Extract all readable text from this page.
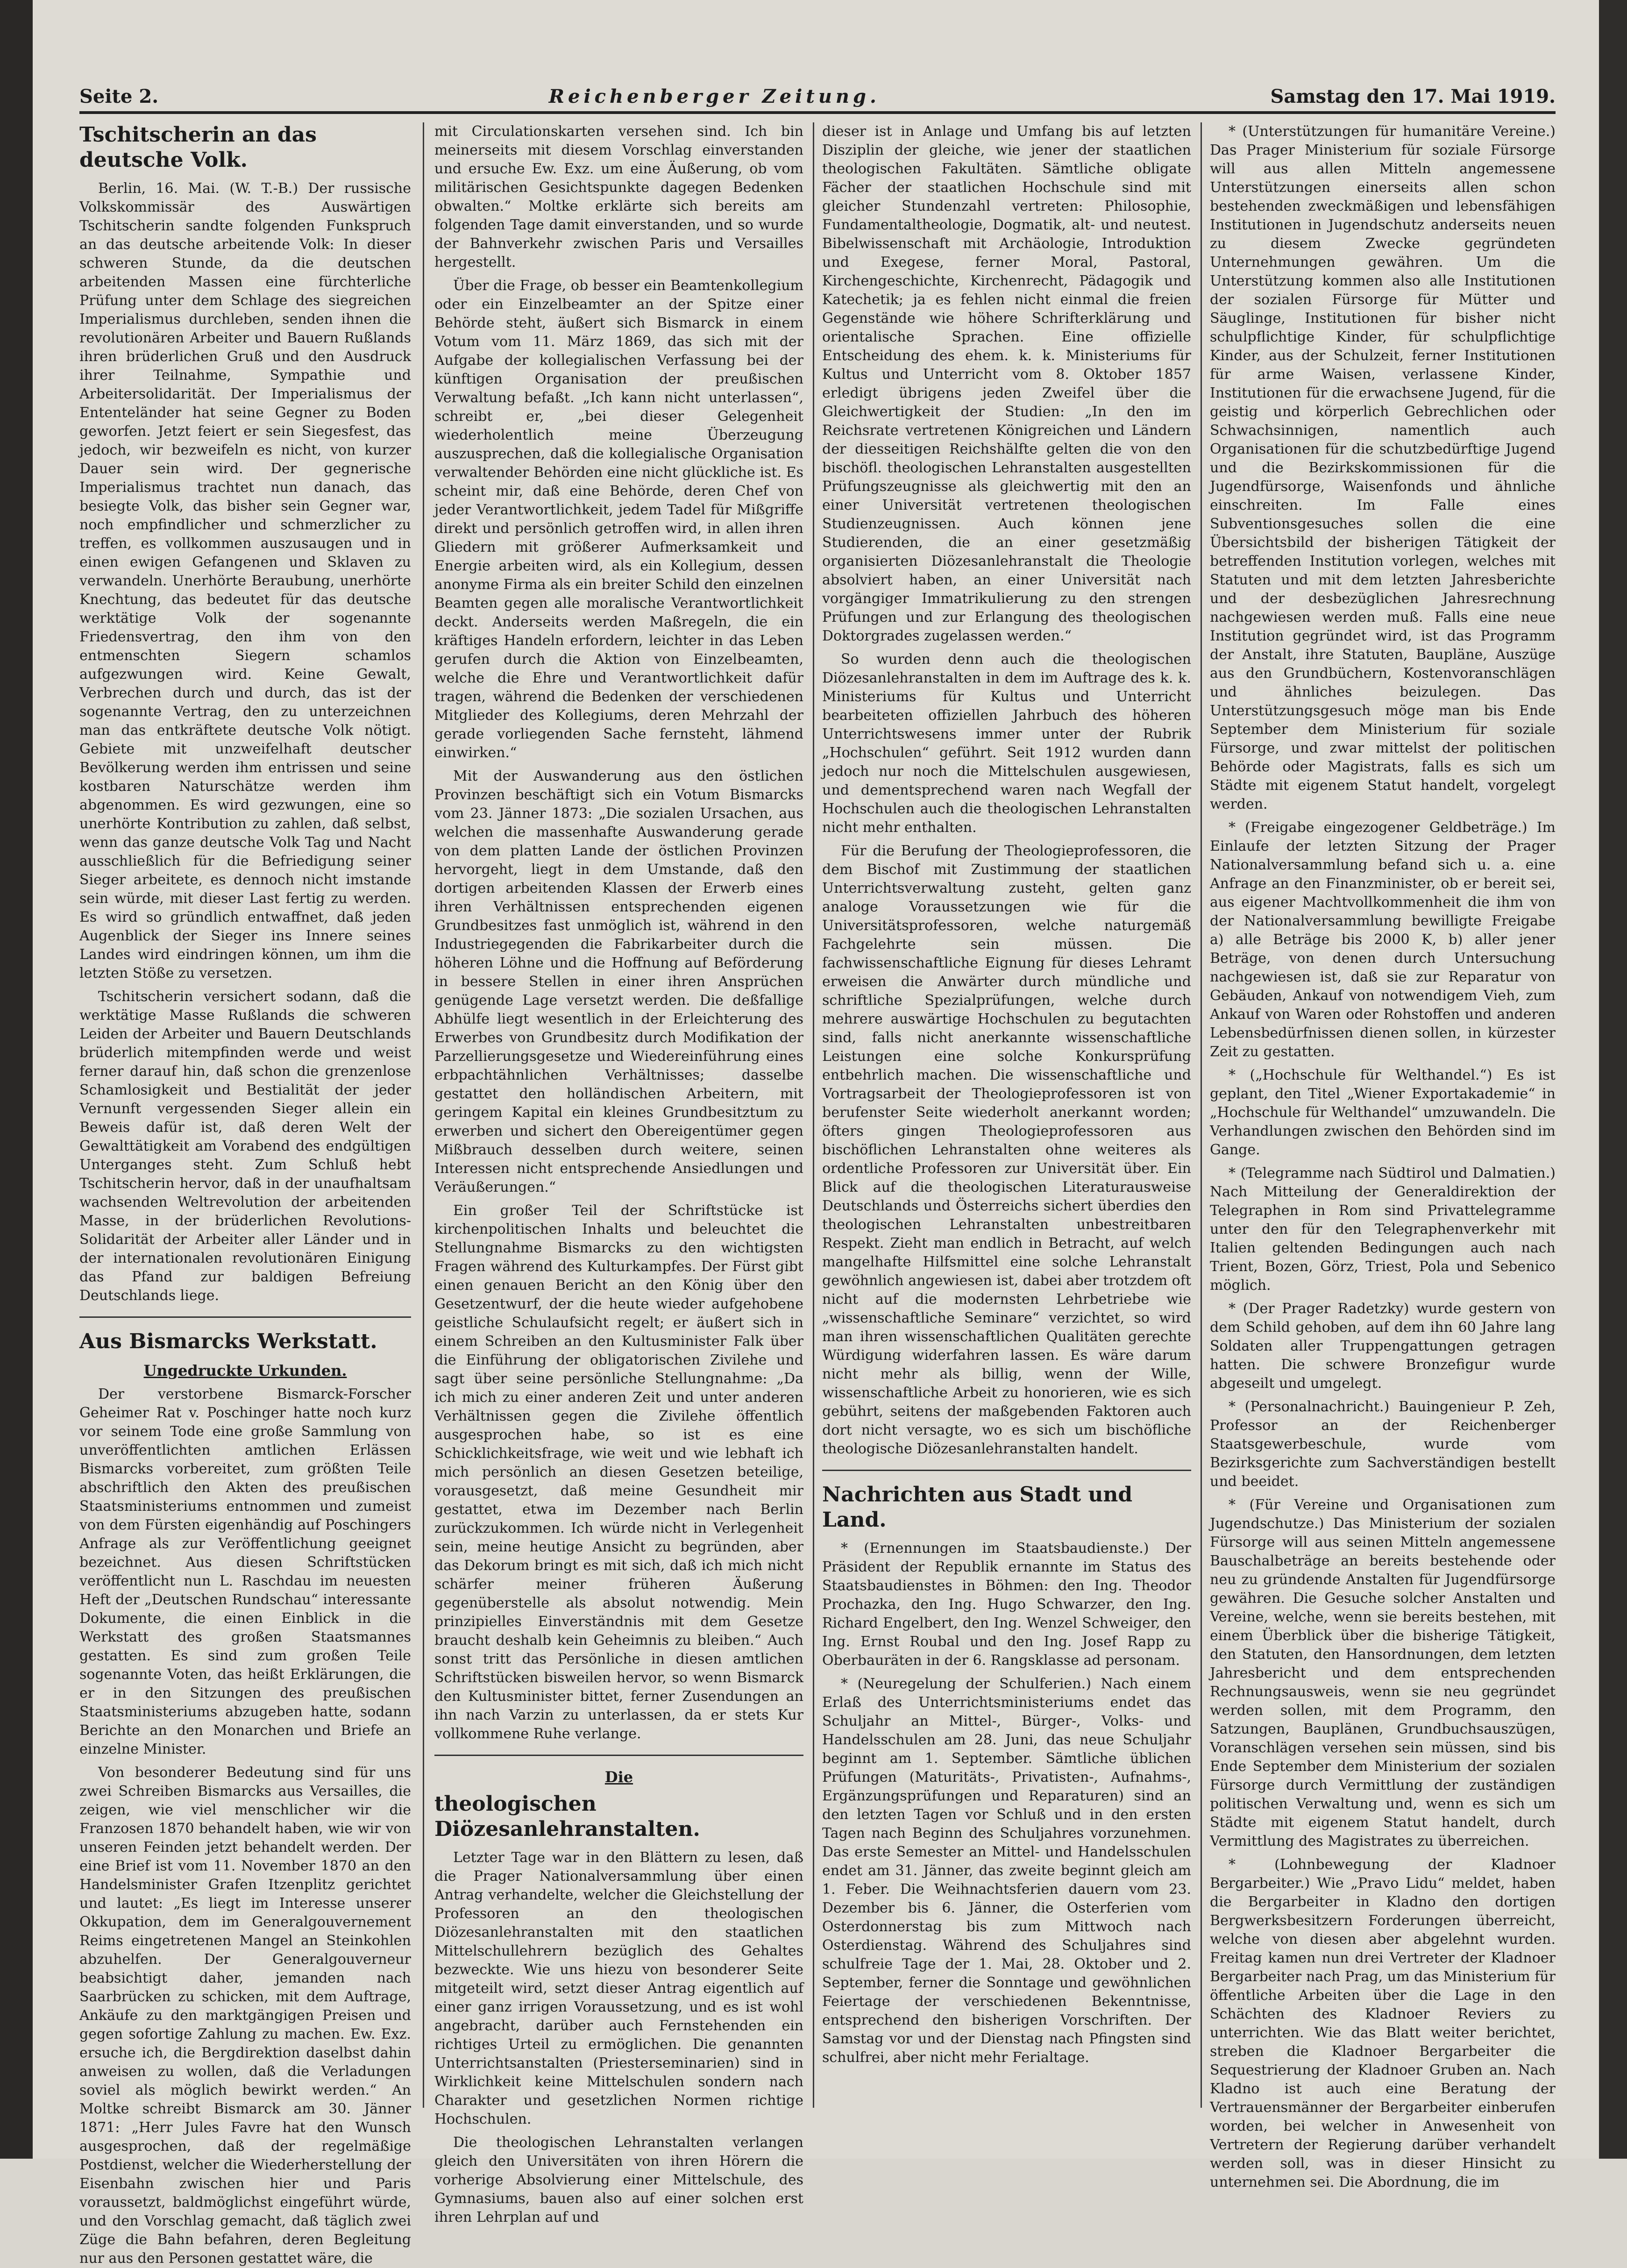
Seite 2.	Reichenberger Zeitung.	Samstag den 17. Mai 1919.
Tschitscherin an das deutsche Volk.

Berlin, 16. Mai. (W. T.-B.) Der russische Volkskommissär des Auswärtigen Tschitscherin sandte folgenden Funkspruch an das deutsche arbeitende Volk: In dieser schweren Stunde, da die deutschen arbeitenden Massen eine fürchterliche Prüfung unter dem Schlage des siegreichen Imperialismus durchleben, senden ihnen die revolutionären Arbeiter und Bauern Rußlands ihren brüderlichen Gruß und den Ausdruck ihrer Teilnahme, Sympathie und Arbeitersolidarität. Der Imperialismus der Ententeländer hat seine Gegner zu Boden geworfen. Jetzt feiert er sein Siegesfest, das jedoch, wir bezweifeln es nicht, von kurzer Dauer sein wird. Der gegnerische Imperialismus trachtet nun danach, das besiegte Volk, das bisher sein Gegner war, noch empfindlicher und schmerzlicher zu treffen, es vollkommen auszusaugen und in einen ewigen Gefangenen und Sklaven zu verwandeln. Unerhörte Beraubung, unerhörte Knechtung, das bedeutet für das deutsche werktätige Volk der sogenannte Friedensvertrag, den ihm von den entmenschten Siegern schamlos aufgezwungen wird. Keine Gewalt, Verbrechen durch und durch, das ist der sogenannte Vertrag, den zu unterzeichnen man das entkräftete deutsche Volk nötigt. Gebiete mit unzweifelhaft deutscher Bevölkerung werden ihm entrissen und seine kostbaren Naturschätze werden ihm abgenommen. Es wird gezwungen, eine so unerhörte Kontribution zu zahlen, daß selbst, wenn das ganze deutsche Volk Tag und Nacht ausschließlich für die Befriedigung seiner Sieger arbeitete, es dennoch nicht imstande sein würde, mit dieser Last fertig zu werden. Es wird so gründlich entwaffnet, daß jeden Augenblick der Sieger ins Innere seines Landes wird eindringen können, um ihm die letzten Stöße zu versetzen.

Tschitscherin versichert sodann, daß die werktätige Masse Rußlands die schweren Leiden der Arbeiter und Bauern Deutschlands brüderlich mitempfinden werde und weist ferner darauf hin, daß schon die grenzenlose Schamlosigkeit und Bestialität der jeder Vernunft vergessenden Sieger allein ein Beweis dafür ist, daß deren Welt der Gewalttätigkeit am Vorabend des endgültigen Unterganges steht. Zum Schluß hebt Tschitscherin hervor, daß in der unaufhaltsam wachsenden Weltrevolution der arbeitenden Masse, in der brüderlichen Revolutions-Solidarität der Arbeiter aller Länder und in der internationalen revolutionären Einigung das Pfand zur baldigen Befreiung Deutschlands liege.

Aus Bismarcks Werkstatt.
Ungedruckte Urkunden.

Der verstorbene Bismarck-Forscher Geheimer Rat v. Poschinger hatte noch kurz vor seinem Tode eine große Sammlung von unveröffentlichten amtlichen Erlässen Bismarcks vorbereitet, zum größten Teile abschriftlich den Akten des preußischen Staatsministeriums entnommen und zumeist von dem Fürsten eigenhändig auf Poschingers Anfrage als zur Veröffentlichung geeignet bezeichnet. Aus diesen Schriftstücken veröffentlicht nun L. Raschdau im neuesten Heft der „Deutschen Rundschau“ interessante Dokumente, die einen Einblick in die Werkstatt des großen Staatsmannes gestatten. Es sind zum großen Teile sogenannte Voten, das heißt Erklärungen, die er in den Sitzungen des preußischen Staatsministeriums abzugeben hatte, sodann Berichte an den Monarchen und Briefe an einzelne Minister.

Von besonderer Bedeutung sind für uns zwei Schreiben Bismarcks aus Versailles, die zeigen, wie viel menschlicher wir die Franzosen 1870 behandelt haben, wie wir von unseren Feinden jetzt behandelt werden. Der eine Brief ist vom 11. November 1870 an den Handelsminister Grafen Itzenplitz gerichtet und lautet: „Es liegt im Interesse unserer Okkupation, dem im Generalgouvernement Reims eingetretenen Mangel an Steinkohlen abzuhelfen. Der Generalgouverneur beabsichtigt daher, jemanden nach Saarbrücken zu schicken, mit dem Auftrage, Ankäufe zu den marktgängigen Preisen und gegen sofortige Zahlung zu machen. Ew. Exz. ersuche ich, die Bergdirektion daselbst dahin anweisen zu wollen, daß die Verladungen soviel als möglich bewirkt werden.“ An Moltke schreibt Bismarck am 30. Jänner 1871: „Herr Jules Favre hat den Wunsch ausgesprochen, daß der regelmäßige Postdienst, welcher die Wiederherstellung der Eisenbahn zwischen hier und Paris voraussetzt, baldmöglichst eingeführt würde, und den Vorschlag gemacht, daß täglich zwei Züge die Bahn befahren, deren Begleitung nur aus den Personen gestattet wäre, die

mit Circulationskarten versehen sind. Ich bin meinerseits mit diesem Vorschlag einverstanden und ersuche Ew. Exz. um eine Äußerung, ob vom militärischen Gesichtspunkte dagegen Bedenken obwalten.“ Moltke erklärte sich bereits am folgenden Tage damit einverstanden, und so wurde der Bahnverkehr zwischen Paris und Versailles hergestellt.

Über die Frage, ob besser ein Beamtenkollegium oder ein Einzelbeamter an der Spitze einer Behörde steht, äußert sich Bismarck in einem Votum vom 11. März 1869, das sich mit der Aufgabe der kollegialischen Verfassung bei der künftigen Organisation der preußischen Verwaltung befaßt. „Ich kann nicht unterlassen“, schreibt er, „bei dieser Gelegenheit wiederholentlich meine Überzeugung auszusprechen, daß die kollegialische Organisation verwaltender Behörden eine nicht glückliche ist. Es scheint mir, daß eine Behörde, deren Chef von jeder Verantwortlichkeit, jedem Tadel für Mißgriffe direkt und persönlich getroffen wird, in allen ihren Gliedern mit größerer Aufmerksamkeit und Energie arbeiten wird, als ein Kollegium, dessen anonyme Firma als ein breiter Schild den einzelnen Beamten gegen alle moralische Verantwortlichkeit deckt. Anderseits werden Maßregeln, die ein kräftiges Handeln erfordern, leichter in das Leben gerufen durch die Aktion von Einzelbeamten, welche die Ehre und Verantwortlichkeit dafür tragen, während die Bedenken der verschiedenen Mitglieder des Kollegiums, deren Mehrzahl der gerade vorliegenden Sache fernsteht, lähmend einwirken.“

Mit der Auswanderung aus den östlichen Provinzen beschäftigt sich ein Votum Bismarcks vom 23. Jänner 1873: „Die sozialen Ursachen, aus welchen die massenhafte Auswanderung gerade von dem platten Lande der östlichen Provinzen hervorgeht, liegt in dem Umstande, daß den dortigen arbeitenden Klassen der Erwerb eines ihren Verhältnissen entsprechenden eigenen Grundbesitzes fast unmöglich ist, während in den Industriegegenden die Fabrikarbeiter durch die höheren Löhne und die Hoffnung auf Beförderung in bessere Stellen in einer ihren Ansprüchen genügende Lage versetzt werden. Die deßfallige Abhülfe liegt wesentlich in der Erleichterung des Erwerbes von Grundbesitz durch Modifikation der Parzellierungsgesetze und Wiedereinführung eines erbpachtähnlichen Verhältnisses; dasselbe gestattet den holländischen Arbeitern, mit geringem Kapital ein kleines Grundbesitztum zu erwerben und sichert den Obereigentümer gegen Mißbrauch desselben durch weitere, seinen Interessen nicht entsprechende Ansiedlungen und Veräußerungen.“

Ein großer Teil der Schriftstücke ist kirchenpolitischen Inhalts und beleuchtet die Stellungnahme Bismarcks zu den wichtigsten Fragen während des Kulturkampfes. Der Fürst gibt einen genauen Bericht an den König über den Gesetzentwurf, der die heute wieder aufgehobene geistliche Schulaufsicht regelt; er äußert sich in einem Schreiben an den Kultusminister Falk über die Einführung der obligatorischen Zivilehe und sagt über seine persönliche Stellungnahme: „Da ich mich zu einer anderen Zeit und unter anderen Verhältnissen gegen die Zivilehe öffentlich ausgesprochen habe, so ist es eine Schicklichkeitsfrage, wie weit und wie lebhaft ich mich persönlich an diesen Gesetzen beteilige, vorausgesetzt, daß meine Gesundheit mir gestattet, etwa im Dezember nach Berlin zurückzukommen. Ich würde nicht in Verlegenheit sein, meine heutige Ansicht zu begründen, aber das Dekorum bringt es mit sich, daß ich mich nicht schärfer meiner früheren Äußerung gegenüberstelle als absolut notwendig. Mein prinzipielles Einverständnis mit dem Gesetze braucht deshalb kein Geheimnis zu bleiben.“ Auch sonst tritt das Persönliche in diesen amtlichen Schriftstücken bisweilen hervor, so wenn Bismarck den Kultusminister bittet, ferner Zusendungen an ihn nach Varzin zu unterlassen, da er stets Kur vollkommene Ruhe verlange.

Die
theologischen Diözesanlehranstalten.

Letzter Tage war in den Blättern zu lesen, daß die Prager Nationalversammlung über einen Antrag verhandelte, welcher die Gleichstellung der Professoren an den theologischen Diözesanlehranstalten mit den staatlichen Mittelschullehrern bezüglich des Gehaltes bezweckte. Wie uns hiezu von besonderer Seite mitgeteilt wird, setzt dieser Antrag eigentlich auf einer ganz irrigen Voraussetzung, und es ist wohl angebracht, darüber auch Fernstehenden ein richtiges Urteil zu ermöglichen. Die genannten Unterrichtsanstalten (Priesterseminarien) sind in Wirklichkeit keine Mittelschulen sondern nach Charakter und gesetzlichen Normen richtige Hochschulen.

Die theologischen Lehranstalten verlangen gleich den Universitäten von ihren Hörern die vorherige Absolvierung einer Mittelschule, des Gymnasiums, bauen also auf einer solchen erst ihren Lehrplan auf und

dieser ist in Anlage und Umfang bis auf letzten Disziplin der gleiche, wie jener der staatlichen theologischen Fakultäten. Sämtliche obligate Fächer der staatlichen Hochschule sind mit gleicher Stundenzahl vertreten: Philosophie, Fundamentaltheologie, Dogmatik, alt- und neutest. Bibelwissenschaft mit Archäologie, Introduktion und Exegese, ferner Moral, Pastoral, Kirchengeschichte, Kirchenrecht, Pädagogik und Katechetik; ja es fehlen nicht einmal die freien Gegenstände wie höhere Schrifterklärung und orientalische Sprachen. Eine offizielle Entscheidung des ehem. k. k. Ministeriums für Kultus und Unterricht vom 8. Oktober 1857 erledigt übrigens jeden Zweifel über die Gleichwertigkeit der Studien: „In den im Reichsrate vertretenen Königreichen und Ländern der diesseitigen Reichshälfte gelten die von den bischöfl. theologischen Lehranstalten ausgestellten Prüfungszeugnisse als gleichwertig mit den an einer Universität vertretenen theologischen Studienzeugnissen. Auch können jene Studierenden, die an einer gesetzmäßig organisierten Diözesanlehranstalt die Theologie absolviert haben, an einer Universität nach vorgängiger Immatrikulierung zu den strengen Prüfungen und zur Erlangung des theologischen Doktorgrades zugelassen werden.“

So wurden denn auch die theologischen Diözesanlehranstalten in dem im Auftrage des k. k. Ministeriums für Kultus und Unterricht bearbeiteten offiziellen Jahrbuch des höheren Unterrichtswesens immer unter der Rubrik „Hochschulen“ geführt. Seit 1912 wurden dann jedoch nur noch die Mittelschulen ausgewiesen, und dementsprechend waren nach Wegfall der Hochschulen auch die theologischen Lehranstalten nicht mehr enthalten.

Für die Berufung der Theologieprofessoren, die dem Bischof mit Zustimmung der staatlichen Unterrichtsverwaltung zusteht, gelten ganz analoge Voraussetzungen wie für die Universitätsprofessoren, welche naturgemäß Fachgelehrte sein müssen. Die fachwissenschaftliche Eignung für dieses Lehramt erweisen die Anwärter durch mündliche und schriftliche Spezialprüfungen, welche durch mehrere auswärtige Hochschulen zu begutachten sind, falls nicht anerkannte wissenschaftliche Leistungen eine solche Konkursprüfung entbehrlich machen. Die wissenschaftliche und Vortragsarbeit der Theologieprofessoren ist von berufenster Seite wiederholt anerkannt worden; öfters gingen Theologieprofessoren aus bischöflichen Lehranstalten ohne weiteres als ordentliche Professoren zur Universität über. Ein Blick auf die theologischen Literaturausweise Deutschlands und Österreichs sichert überdies den theologischen Lehranstalten unbestreitbaren Respekt. Zieht man endlich in Betracht, auf welch mangelhafte Hilfsmittel eine solche Lehranstalt gewöhnlich angewiesen ist, dabei aber trotzdem oft nicht auf die modernsten Lehrbetriebe wie „wissenschaftliche Seminare“ verzichtet, so wird man ihren wissenschaftlichen Qualitäten gerechte Würdigung widerfahren lassen. Es wäre darum nicht mehr als billig, wenn der Wille, wissenschaftliche Arbeit zu honorieren, wie es sich gebührt, seitens der maßgebenden Faktoren auch dort nicht versagte, wo es sich um bischöfliche theologische Diözesanlehranstalten handelt.

Nachrichten aus Stadt und Land.

* (Ernennungen im Staatsbaudienste.) Der Präsident der Republik ernannte im Status des Staatsbaudienstes in Böhmen: den Ing. Theodor Prochazka, den Ing. Hugo Schwarzer, den Ing. Richard Engelbert, den Ing. Wenzel Schweiger, den Ing. Ernst Roubal und den Ing. Josef Rapp zu Oberbauräten in der 6. Rangsklasse ad personam.

* (Neuregelung der Schulferien.) Nach einem Erlaß des Unterrichtsministeriums endet das Schuljahr an Mittel-, Bürger-, Volks- und Handelsschulen am 28. Juni, das neue Schuljahr beginnt am 1. September. Sämtliche üblichen Prüfungen (Maturitäts-, Privatisten-, Aufnahms-, Ergänzungsprüfungen und Reparaturen) sind an den letzten Tagen vor Schluß und in den ersten Tagen nach Beginn des Schuljahres vorzunehmen. Das erste Semester an Mittel- und Handelsschulen endet am 31. Jänner, das zweite beginnt gleich am 1. Feber. Die Weihnachtsferien dauern vom 23. Dezember bis 6. Jänner, die Osterferien vom Osterdonnerstag bis zum Mittwoch nach Osterdienstag. Während des Schuljahres sind schulfreie Tage der 1. Mai, 28. Oktober und 2. September, ferner die Sonntage und gewöhnlichen Feiertage der verschiedenen Bekenntnisse, entsprechend den bisherigen Vorschriften. Der Samstag vor und der Dienstag nach Pfingsten sind schulfrei, aber nicht mehr Ferialtage.

* (Unterstützungen für humanitäre Vereine.) Das Prager Ministerium für soziale Fürsorge will aus allen Mitteln angemessene Unterstützungen einerseits allen schon bestehenden zweckmäßigen und lebensfähigen Institutionen in Jugendschutz anderseits neuen zu diesem Zwecke gegründeten Unternehmungen gewähren. Um die Unterstützung kommen also alle Institutionen der sozialen Fürsorge für Mütter und Säuglinge, Institutionen für bisher nicht schulpflichtige Kinder, für schulpflichtige Kinder, aus der Schulzeit, ferner Institutionen für arme Waisen, verlassene Kinder, Institutionen für die erwachsene Jugend, für die geistig und körperlich Gebrechlichen oder Schwachsinnigen, namentlich auch Organisationen für die schutzbedürftige Jugend und die Bezirkskommissionen für die Jugendfürsorge, Waisenfonds und ähnliche einschreiten. Im Falle eines Subventionsgesuches sollen die eine Übersichtsbild der bisherigen Tätigkeit der betreffenden Institution vorlegen, welches mit Statuten und mit dem letzten Jahresberichte und der desbezüglichen Jahresrechnung nachgewiesen werden muß. Falls eine neue Institution gegründet wird, ist das Programm der Anstalt, ihre Statuten, Baupläne, Auszüge aus den Grundbüchern, Kostenvoranschlägen und ähnliches beizulegen. Das Unterstützungsgesuch möge man bis Ende September dem Ministerium für soziale Fürsorge, und zwar mittelst der politischen Behörde oder Magistrats, falls es sich um Städte mit eigenem Statut handelt, vorgelegt werden.

* (Freigabe eingezogener Geldbeträge.) Im Einlaufe der letzten Sitzung der Prager Nationalversammlung befand sich u. a. eine Anfrage an den Finanzminister, ob er bereit sei, aus eigener Machtvollkommenheit die ihm von der Nationalversammlung bewilligte Freigabe a) alle Beträge bis 2000 K, b) aller jener Beträge, von denen durch Untersuchung nachgewiesen ist, daß sie zur Reparatur von Gebäuden, Ankauf von notwendigem Vieh, zum Ankauf von Waren oder Rohstoffen und anderen Lebensbedürfnissen dienen sollen, in kürzester Zeit zu gestatten.

* („Hochschule für Welthandel.“) Es ist geplant, den Titel „Wiener Exportakademie“ in „Hochschule für Welthandel“ umzuwandeln. Die Verhandlungen zwischen den Behörden sind im Gange.

* (Telegramme nach Südtirol und Dalmatien.) Nach Mitteilung der Generaldirektion der Telegraphen in Rom sind Privattelegramme unter den für den Telegraphenverkehr mit Italien geltenden Bedingungen auch nach Trient, Bozen, Görz, Triest, Pola und Sebenico möglich.

* (Der Prager Radetzky) wurde gestern von dem Schild gehoben, auf dem ihn 60 Jahre lang Soldaten aller Truppengattungen getragen hatten. Die schwere Bronzefigur wurde abgeseilt und umgelegt.

* (Personalnachricht.) Bauingenieur P. Zeh, Professor an der Reichenberger Staatsgewerbeschule, wurde vom Bezirksgerichte zum Sachverständigen bestellt und beeidet.

* (Für Vereine und Organisationen zum Jugendschutze.) Das Ministerium der sozialen Fürsorge will aus seinen Mitteln angemessene Bauschalbeträge an bereits bestehende oder neu zu gründende Anstalten für Jugendfürsorge gewähren. Die Gesuche solcher Anstalten und Vereine, welche, wenn sie bereits bestehen, mit einem Überblick über die bisherige Tätigkeit, den Statuten, den Hansordnungen, dem letzten Jahresbericht und dem entsprechenden Rechnungsausweis, wenn sie neu gegründet werden sollen, mit dem Programm, den Satzungen, Bauplänen, Grundbuchsauszügen, Voranschlägen versehen sein müssen, sind bis Ende September dem Ministerium der sozialen Fürsorge durch Vermittlung der zuständigen politischen Verwaltung und, wenn es sich um Städte mit eigenem Statut handelt, durch Vermittlung des Magistrates zu überreichen.

* (Lohnbewegung der Kladnoer Bergarbeiter.) Wie „Pravo Lidu“ meldet, haben die Bergarbeiter in Kladno den dortigen Bergwerksbesitzern Forderungen überreicht, welche von diesen aber abgelehnt wurden. Freitag kamen nun drei Vertreter der Kladnoer Bergarbeiter nach Prag, um das Ministerium für öffentliche Arbeiten über die Lage in den Schächten des Kladnoer Reviers zu unterrichten. Wie das Blatt weiter berichtet, streben die Kladnoer Bergarbeiter die Sequestrierung der Kladnoer Gruben an. Nach Kladno ist auch eine Beratung der Vertrauensmänner der Bergarbeiter einberufen worden, bei welcher in Anwesenheit von Vertretern der Regierung darüber verhandelt werden soll, was in dieser Hinsicht zu unternehmen sei. Die Abordnung, die im
